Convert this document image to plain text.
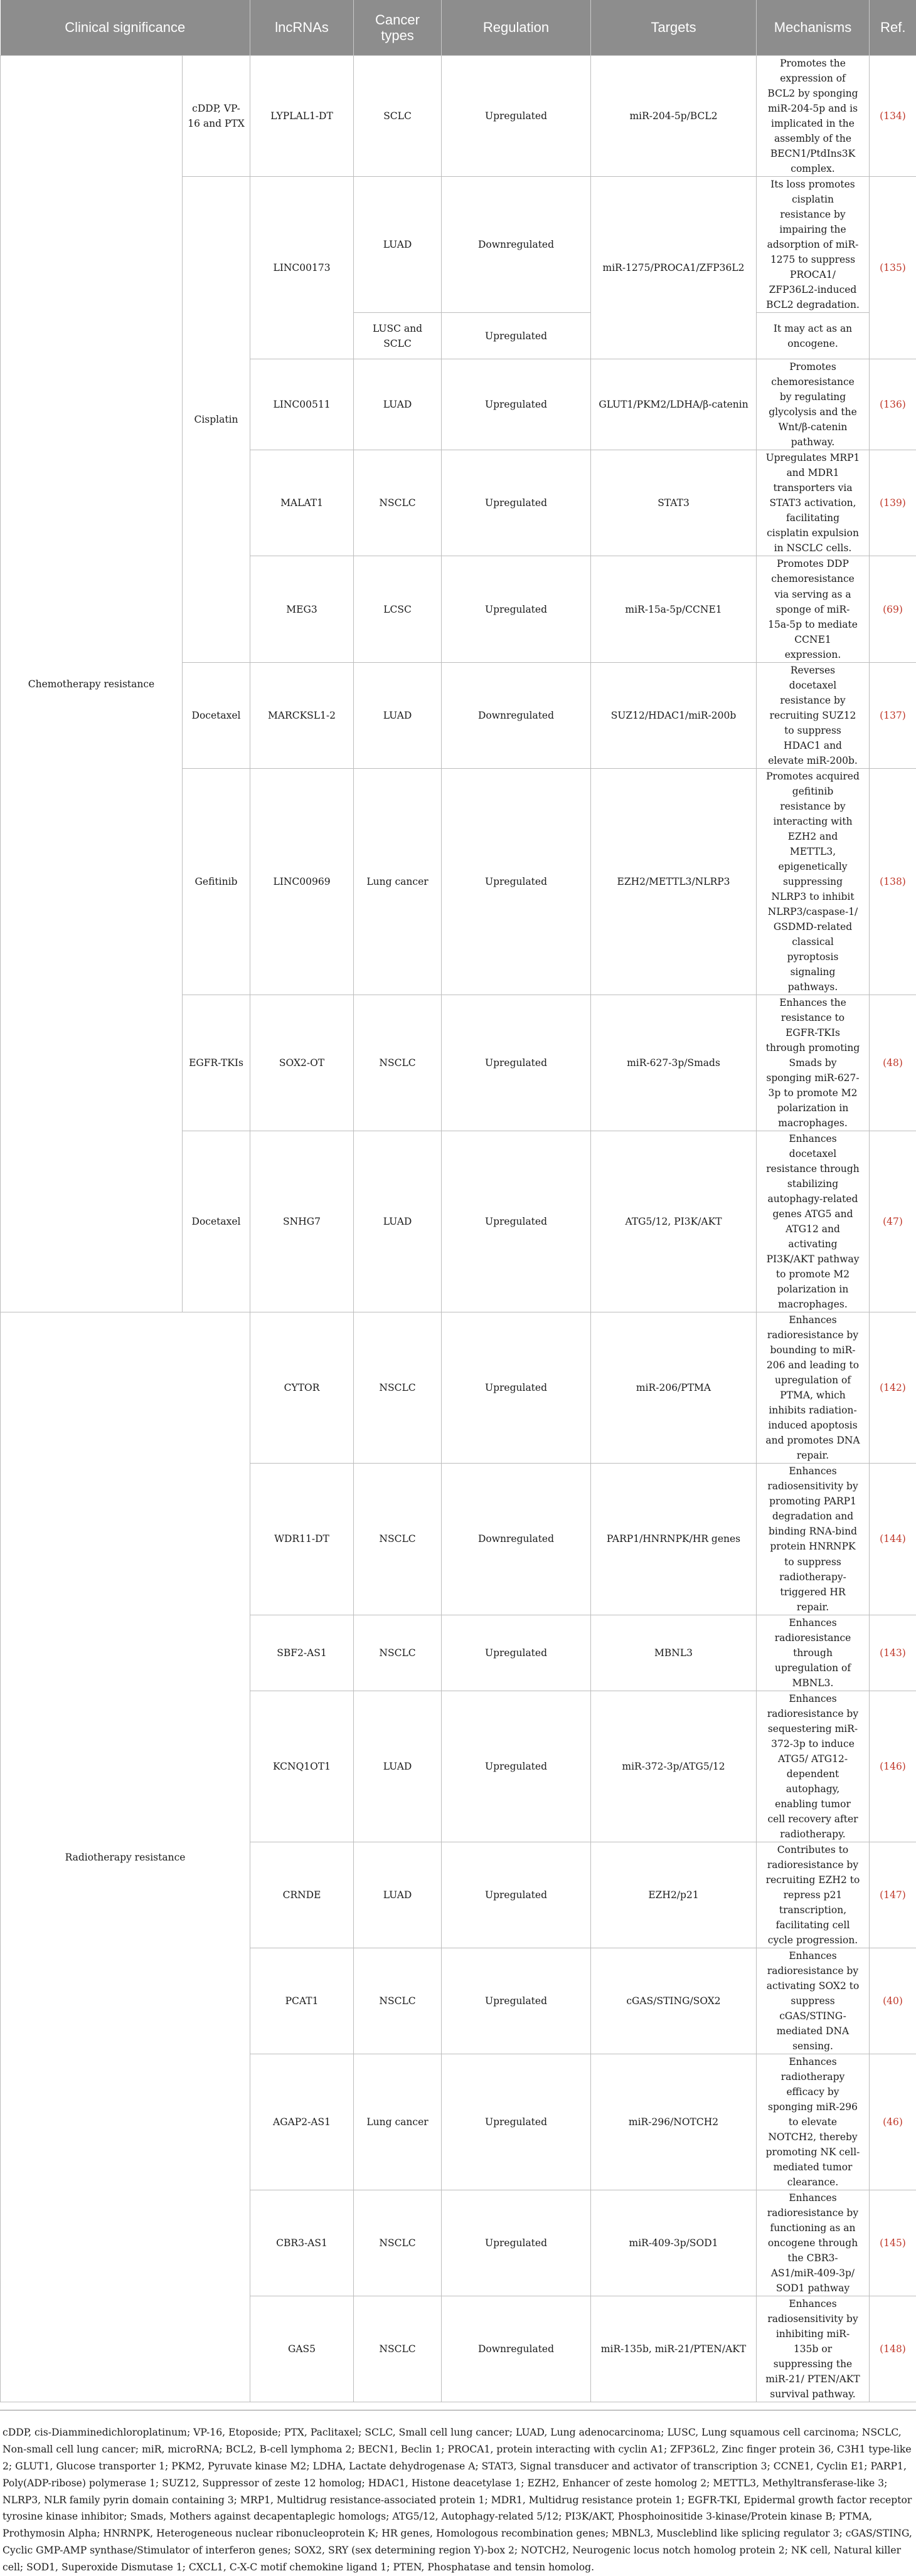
Clinical significance		lncRNAs	Cancer types	Regulation	Targets	Mechanisms	Ref.
Chemotherapy resistance	cDDP, VP-16 and PTX	LYPLAL1-DT	SCLC	Upregulated	miR-204-5p/BCL2	Promotes the expression of BCL2 by sponging miR-204-5p and is implicated in the assembly of the BECN1/PtdIns3K complex.	(134)
	Cisplatin	LINC00173	LUAD	Downregulated	miR-1275/PROCA1/ZFP36L2	Its loss promotes cisplatin resistance by impairing the adsorption of miR-1275 to suppress PROCA1/ ZFP36L2-induced BCL2 degradation.	(135)
			LUSC and SCLC	Upregulated		It may act as an oncogene.	
		LINC00511	LUAD	Upregulated	GLUT1/PKM2/LDHA/β-catenin	Promotes chemoresistance by regulating glycolysis and the Wnt/β-catenin pathway.	(136)
		MALAT1	NSCLC	Upregulated	STAT3	Upregulates MRP1 and MDR1 transporters via STAT3 activation, facilitating cisplatin expulsion in NSCLC cells.	(139)
		MEG3	LCSC	Upregulated	miR-15a-5p/CCNE1	Promotes DDP chemoresistance via serving as a sponge of miR-15a-5p to mediate CCNE1 expression.	(69)
	Docetaxel	MARCKSL1-2	LUAD	Downregulated	SUZ12/HDAC1/miR-200b	Reverses docetaxel resistance by recruiting SUZ12 to suppress HDAC1 and elevate miR-200b.	(137)
	Gefitinib	LINC00969	Lung cancer	Upregulated	EZH2/METTL3/NLRP3	Promotes acquired gefitinib resistance by interacting with EZH2 and METTL3, epigenetically suppressing NLRP3 to inhibit NLRP3/caspase-1/ GSDMD-related classical pyroptosis signaling pathways.	(138)
	EGFR-TKIs	SOX2-OT	NSCLC	Upregulated	miR-627-3p/Smads	Enhances the resistance to EGFR-TKIs through promoting Smads by sponging miR-627-3p to promote M2 polarization in macrophages.	(48)
	Docetaxel	SNHG7	LUAD	Upregulated	ATG5/12, PI3K/AKT	Enhances docetaxel resistance through stabilizing autophagy-related genes ATG5 and ATG12 and activating PI3K/AKT pathway to promote M2 polarization in macrophages.	(47)
Radiotherapy resistance		CYTOR	NSCLC	Upregulated	miR-206/PTMA	Enhances radioresistance by bounding to miR-206 and leading to upregulation of PTMA, which inhibits radiation-induced apoptosis and promotes DNA repair.	(142)
		WDR11-DT	NSCLC	Downregulated	PARP1/HNRNPK/HR genes	Enhances radiosensitivity by promoting PARP1 degradation and binding RNA-bind protein HNRNPK to suppress radiotherapy-triggered HR repair.	(144)
		SBF2-AS1	NSCLC	Upregulated	MBNL3	Enhances radioresistance through upregulation of MBNL3.	(143)
		KCNQ1OT1	LUAD	Upregulated	miR-372-3p/ATG5/12	Enhances radioresistance by sequestering miR-372-3p to induce ATG5/ ATG12-dependent autophagy, enabling tumor cell recovery after radiotherapy.	(146)
		CRNDE	LUAD	Upregulated	EZH2/p21	Contributes to radioresistance by recruiting EZH2 to repress p21 transcription, facilitating cell cycle progression.	(147)
		PCAT1	NSCLC	Upregulated	cGAS/STING/SOX2	Enhances radioresistance by activating SOX2 to suppress cGAS/STING-mediated DNA sensing.	(40)
		AGAP2-AS1	Lung cancer	Upregulated	miR-296/NOTCH2	Enhances radiotherapy efficacy by sponging miR-296 to elevate NOTCH2, thereby promoting NK cell-mediated tumor clearance.	(46)
		CBR3-AS1	NSCLC	Upregulated	miR-409-3p/SOD1	Enhances radioresistance by functioning as an oncogene through the CBR3-AS1/miR-409-3p/ SOD1 pathway	(145)
		GAS5	NSCLC	Downregulated	miR-135b, miR-21/PTEN/AKT	Enhances radiosensitivity by inhibiting miR-135b or suppressing the miR-21/ PTEN/AKT survival pathway.	(148)
cDDP, cis-Diamminedichloroplatinum; VP-16, Etoposide; PTX, Paclitaxel; SCLC, Small cell lung cancer; LUAD, Lung adenocarcinoma; LUSC, Lung squamous cell carcinoma; NSCLC, Non-small cell lung cancer; miR, microRNA; BCL2, B-cell lymphoma 2; BECN1, Beclin 1; PROCA1, protein interacting with cyclin A1; ZFP36L2, Zinc finger protein 36, C3H1 type-like 2; GLUT1, Glucose transporter 1; PKM2, Pyruvate kinase M2; LDHA, Lactate dehydrogenase A; STAT3, Signal transducer and activator of transcription 3; CCNE1, Cyclin E1; PARP1, Poly(ADP-ribose) polymerase 1; SUZ12, Suppressor of zeste 12 homolog; HDAC1, Histone deacetylase 1; EZH2, Enhancer of zeste homolog 2; METTL3, Methyltransferase-like 3; NLRP3, NLR family pyrin domain containing 3; MRP1, Multidrug resistance-associated protein 1; MDR1, Multidrug resistance protein 1; EGFR-TKI, Epidermal growth factor receptor tyrosine kinase inhibitor; Smads, Mothers against decapentaplegic homologs; ATG5/12, Autophagy-related 5/12; PI3K/AKT, Phosphoinositide 3-kinase/Protein kinase B; PTMA, Prothymosin Alpha; HNRNPK, Heterogeneous nuclear ribonucleoprotein K; HR genes, Homologous recombination genes; MBNL3, Muscleblind like splicing regulator 3; cGAS/STING, Cyclic GMP-AMP synthase/Stimulator of interferon genes; SOX2, SRY (sex determining region Y)-box 2; NOTCH2, Neurogenic locus notch homolog protein 2; NK cell, Natural killer cell; SOD1, Superoxide Dismutase 1; CXCL1, C-X-C motif chemokine ligand 1; PTEN, Phosphatase and tensin homolog.
